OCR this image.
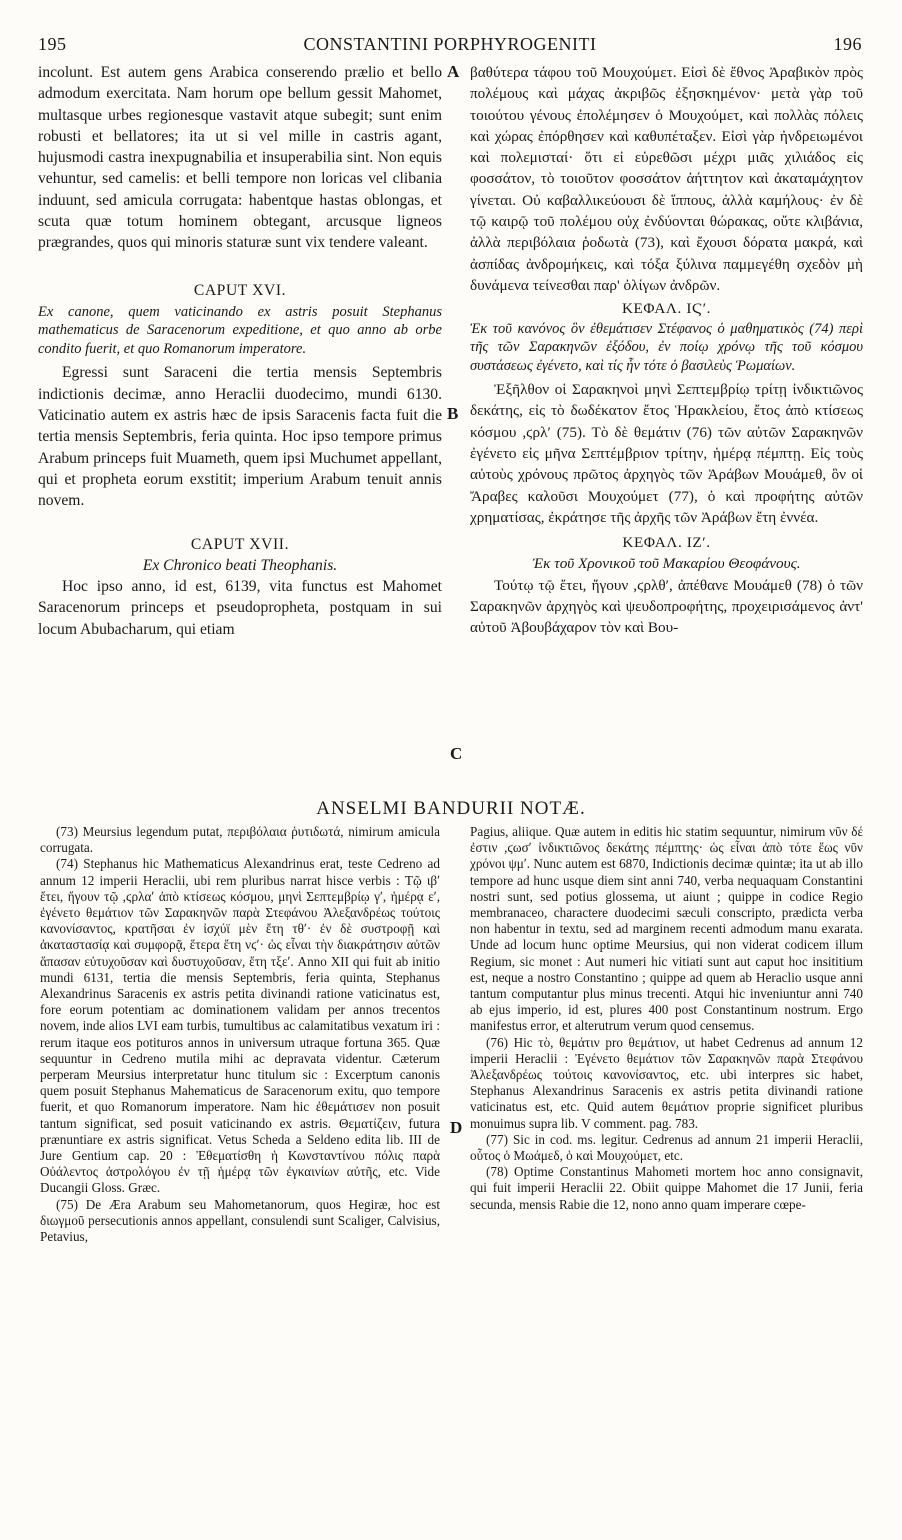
195	CONSTANTINI PORPHYROGENITI	196

incolunt. Est autem gens Arabica conserendo prælio et bello admodum exercitata. Nam horum ope bellum gessit Mahomet, multasque urbes regionesque vastavit atque subegit; sunt enim robusti et bellatores; ita ut si vel mille in castris agant, hujusmodi castra inexpugnabilia et insuperabilia sint. Non equis vehuntur, sed camelis: et belli tempore non loricas vel clibania induunt, sed amicula corrugata: habentque hastas oblongas, et scuta quæ totum hominem obtegant, arcusque ligneos prægrandes, quos qui minoris staturæ sunt vix tendere valeant.

CAPUT XVI.

Ex canone, quem vaticinando ex astris posuit Stephanus mathematicus de Saracenorum expeditione, et quo anno ab orbe condito fuerit, et quo Romanorum imperatore.

Egressi sunt Saraceni die tertia mensis Septembris indictionis decimæ, anno Heraclii duodecimo, mundi 6130. Vaticinatio autem ex astris hæc de ipsis Saracenis facta fuit die tertia mensis Septembris, feria quinta. Hoc ipso tempore primus Arabum princeps fuit Muameth, quem ipsi Muchumet appellant, qui et propheta eorum exstitit; imperium Arabum tenuit annis novem.

CAPUT XVII.

Ex Chronico beati Theophanis.

Hoc ipso anno, id est, 6139, vita functus est Mahomet Saracenorum princeps et pseudopropheta, postquam in sui locum Abubacharum, qui etiam

βαθύτερα τάφου τοῦ Μουχούμετ. Εἰσὶ δὲ ἔθνος Ἀραβικὸν πρὸς πολέμους καὶ μάχας ἀκριβῶς ἐξησκημένον· μετὰ γὰρ τοῦ τοιούτου γένους ἐπολέμησεν ὁ Μουχούμετ, καὶ πολλὰς πόλεις καὶ χώρας ἐπόρθησεν καὶ καθυπέταξεν. Εἰσὶ γὰρ ἠνδρειωμένοι καὶ πολεμισταί· ὅτι εἰ εὑρεθῶσι μέχρι μιᾶς χιλιάδος εἰς φοσσάτον, τὸ τοιοῦτον φοσσάτον ἀήττητον καὶ ἀκαταμάχητον γίνεται. Οὐ καβαλλικεύουσι δὲ ἵππους, ἀλλὰ καμήλους· ἐν δὲ τῷ καιρῷ τοῦ πολέμου οὐχ ἐνδύονται θώρακας, οὔτε κλιβάνια, ἀλλὰ περιβόλαια ῥοδωτὰ (73), καὶ ἔχουσι δόρατα μακρά, καὶ ἀσπίδας ἀνδρομήκεις, καὶ τόξα ξύλινα παμμεγέθη σχεδὸν μὴ δυνάμενα τείνεσθαι παρ' ὀλίγων ἀνδρῶν.

ΚΕΦΑΛ. ΙϚʹ.

Ἐκ τοῦ κανόνος ὃν ἐθεμάτισεν Στέφανος ὁ μαθηματικὸς (74) περὶ τῆς τῶν Σαρακηνῶν ἐξόδου, ἐν ποίῳ χρόνῳ τῆς τοῦ κόσμου συστάσεως ἐγένετο, καὶ τίς ἦν τότε ὁ βασιλεὺς Ῥωμαίων.

Ἐξῆλθον οἱ Σαρακηνοὶ μηνὶ Σεπτεμβρίῳ τρίτῃ ἰνδικτιῶνος δεκάτης, εἰς τὸ δωδέκατον ἔτος Ἡρακλείου, ἔτος ἀπὸ κτίσεως κόσμου ,ϛρλʹ (75). Τὸ δὲ θεμάτιν (76) τῶν αὐτῶν Σαρακηνῶν ἐγένετο εἰς μῆνα Σεπτέμβριον τρίτην, ἡμέρᾳ πέμπτῃ. Εἰς τοὺς αὐτοὺς χρόνους πρῶτος ἀρχηγὸς τῶν Ἀράβων Μουάμεθ, ὃν οἱ Ἄραβες καλοῦσι Μουχούμετ (77), ὁ καὶ προφήτης αὐτῶν χρηματίσας, ἐκράτησε τῆς ἀρχῆς τῶν Ἀράβων ἔτη ἐννέα.

ΚΕΦΑΛ. ΙΖʹ.

Ἐκ τοῦ Χρονικοῦ τοῦ Μακαρίου Θεοφάνους.

Τούτῳ τῷ ἔτει, ἤγουν ,ϛρλθʹ, ἀπέθανε Μουάμεθ (78) ὁ τῶν Σαρακηνῶν ἀρχηγὸς καὶ ψευδοπροφήτης, προχειρισάμενος ἀντ' αὐτοῦ Ἀβουβάχαρον τὸν καὶ Βου-

A
B
C
D
ANSELMI BANDURII NOTÆ.

(73) Meursius legendum putat, περιβόλαια ῥυτιδωτά, nimirum amicula corrugata.

(74) Stephanus hic Mathematicus Alexandrinus erat, teste Cedreno ad annum 12 imperii Heraclii, ubi rem pluribus narrat hisce verbis : Τῷ ιβʹ ἔτει, ἤγουν τῷ ,ϛρλαʹ ἀπὸ κτίσεως κόσμου, μηνὶ Σεπτεμβρίῳ γʹ, ἡμέρᾳ εʹ, ἐγένετο θεμάτιον τῶν Σαρακηνῶν παρὰ Στεφάνου Ἀλεξανδρέως τούτοις κανονίσαντος, κρατῆσαι ἐν ἰσχύϊ μὲν ἔτη τθʹ· ἐν δὲ συστροφῇ καὶ ἀκαταστασίᾳ καὶ συμφορᾷ, ἕτερα ἔτη νϛʹ· ὡς εἶναι τὴν διακράτησιν αὐτῶν ἅπασαν εὐτυχοῦσαν καὶ δυστυχοῦσαν, ἔτη τξεʹ. Anno XII qui fuit ab initio mundi 6131, tertia die mensis Septembris, feria quinta, Stephanus Alexandrinus Saracenis ex astris petita divinandi ratione vaticinatus est, fore eorum potentiam ac dominationem validam per annos trecentos novem, inde alios LVI eam turbis, tumultibus ac calamitatibus vexatum iri : rerum itaque eos potituros annos in universum utraque fortuna 365. Quæ sequuntur in Cedreno mutila mihi ac depravata videntur. Cæterum perperam Meursius interpretatur hunc titulum sic : Excerptum canonis quem posuit Stephanus Mahematicus de Saracenorum exitu, quo tempore fuerit, et quo Romanorum imperatore. Nam hic ἐθεμάτισεν non posuit tantum significat, sed posuit vaticinando ex astris. Θεματίζειν, futura prænuntiare ex astris significat. Vetus Scheda a Seldeno edita lib. III de Jure Gentium cap. 20 : Ἐθεματίσθη ἡ Κωνσταντίνου πόλις παρὰ Οὐάλεντος ἀστρολόγου ἐν τῇ ἡμέρᾳ τῶν ἐγκαινίων αὐτῆς, etc. Vide Ducangii Gloss. Græc.

(75) De Æra Arabum seu Mahometanorum, quos Hegiræ, hoc est διωγμοῦ persecutionis annos appellant, consulendi sunt Scaliger, Calvisius, Petavius,

Pagius, aliique. Quæ autem in editis hic statim sequuntur, nimirum νῦν δέ ἐστιν ,ϛωσʹ ἰνδικτιῶνος δεκάτης πέμπτης· ὡς εἶναι ἀπὸ τότε ἕως νῦν χρόνοι ψμʹ. Nunc autem est 6870, Indictionis decimæ quintæ; ita ut ab illo tempore ad hunc usque diem sint anni 740, verba nequaquam Constantini nostri sunt, sed potius glossema, ut aiunt ; quippe in codice Regio membranaceo, charactere duodecimi sæculi conscripto, prædicta verba non habentur in textu, sed ad marginem recenti admodum manu exarata. Unde ad locum hunc optime Meursius, qui non viderat codicem illum Regium, sic monet : Aut numeri hic vitiati sunt aut caput hoc insititium est, neque a nostro Constantino ; quippe ad quem ab Heraclio usque anni tantum computantur plus minus trecenti. Atqui hic inveniuntur anni 740 ab ejus imperio, id est, plures 400 post Constantinum nostrum. Ergo manifestus error, et alterutrum verum quod censemus.

(76) Hic τὸ, θεμάτιν pro θεμάτιον, ut habet Cedrenus ad annum 12 imperii Heraclii : Ἐγένετο θεμάτιον τῶν Σαρακηνῶν παρὰ Στεφάνου Ἀλεξανδρέως τούτοις κανονίσαντος, etc. ubi interpres sic habet, Stephanus Alexandrinus Saracenis ex astris petita divinandi ratione vaticinatus est, etc. Quid autem θεμάτιον proprie significet pluribus monuimus supra lib. V comment. pag. 783.

(77) Sic in cod. ms. legitur. Cedrenus ad annum 21 imperii Heraclii, οὗτος ὁ Μωάμεδ, ὁ καὶ Μουχούμετ, etc.

(78) Optime Constantinus Mahometi mortem hoc anno consignavit, qui fuit imperii Heraclii 22. Obiit quippe Mahomet die 17 Junii, feria secunda, mensis Rabie die 12, nono anno quam imperare cœpe-
